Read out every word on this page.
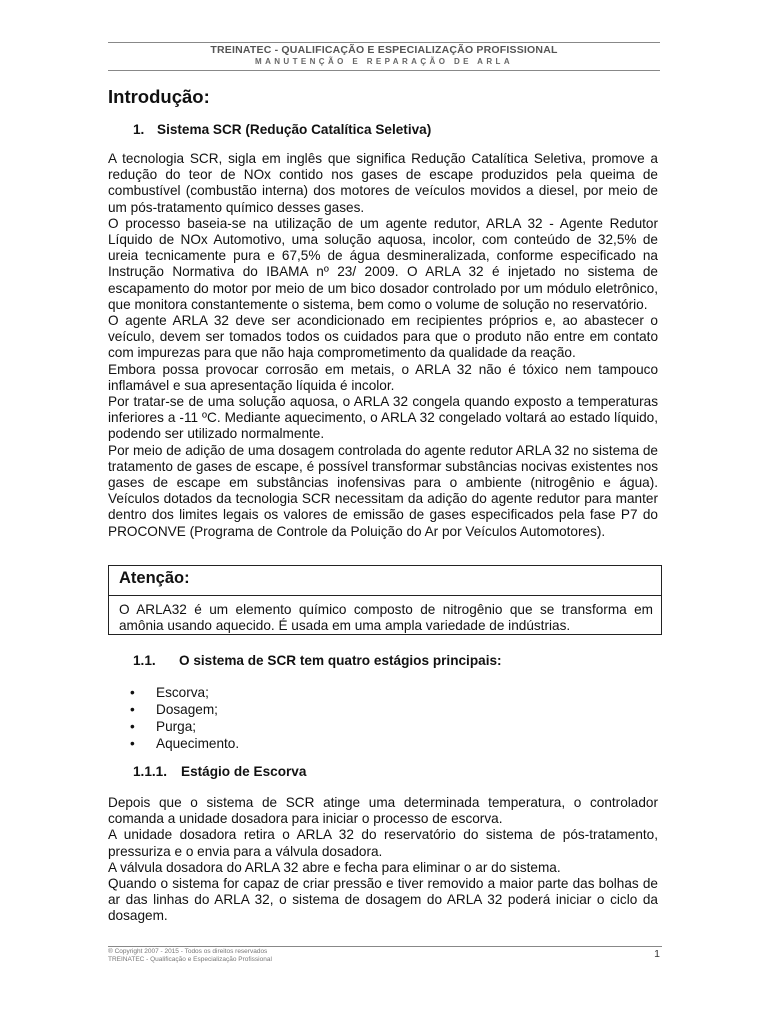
TREINATEC - QUALIFICAÇÃO E ESPECIALIZAÇÃO PROFISSIONAL
MANUTENÇÃO E REPARAÇÃO DE ARLA
Introdução:
1. Sistema SCR (Redução Catalítica Seletiva)

A tecnologia SCR, sigla em inglês que significa Redução Catalítica Seletiva, promove a redução do teor de NOx contido nos gases de escape produzidos pela queima de combustível (combustão interna) dos motores de veículos movidos a diesel, por meio de um pós-tratamento químico desses gases.

O processo baseia-se na utilização de um agente redutor, ARLA 32 - Agente Redutor Líquido de NOx Automotivo, uma solução aquosa, incolor, com conteúdo de 32,5% de ureia tecnicamente pura e 67,5% de água desmineralizada, conforme especificado na Instrução Normativa do IBAMA nº 23/ 2009. O ARLA 32 é injetado no sistema de escapamento do motor por meio de um bico dosador controlado por um módulo eletrônico, que monitora constantemente o sistema, bem como o volume de solução no reservatório.

O agente ARLA 32 deve ser acondicionado em recipientes próprios e, ao abastecer o veículo, devem ser tomados todos os cuidados para que o produto não entre em contato com impurezas para que não haja comprometimento da qualidade da reação.

Embora possa provocar corrosão em metais, o ARLA 32 não é tóxico nem tampouco inflamável e sua apresentação líquida é incolor.

Por tratar-se de uma solução aquosa, o ARLA 32 congela quando exposto a temperaturas inferiores a -11 ºC. Mediante aquecimento, o ARLA 32 congelado voltará ao estado líquido, podendo ser utilizado normalmente.

Por meio de adição de uma dosagem controlada do agente redutor ARLA 32 no sistema de tratamento de gases de escape, é possível transformar substâncias nocivas existentes nos gases de escape em substâncias inofensivas para o ambiente (nitrogênio e água). Veículos dotados da tecnologia SCR necessitam da adição do agente redutor para manter dentro dos limites legais os valores de emissão de gases especificados pela fase P7 do PROCONVE (Programa de Controle da Poluição do Ar por Veículos Automotores).

Atenção:

O ARLA32 é um elemento químico composto de nitrogênio que se transforma em amônia usando aquecido. É usada em uma ampla variedade de indústrias.

1.1. O sistema de SCR tem quatro estágios principais:
• Escorva;
• Dosagem;
• Purga;
• Aquecimento.
1.1.1. Estágio de Escorva

Depois que o sistema de SCR atinge uma determinada temperatura, o controlador comanda a unidade dosadora para iniciar o processo de escorva.

A unidade dosadora retira o ARLA 32 do reservatório do sistema de pós-tratamento, pressuriza e o envia para a válvula dosadora.

A válvula dosadora do ARLA 32 abre e fecha para eliminar o ar do sistema.

Quando o sistema for capaz de criar pressão e tiver removido a maior parte das bolhas de ar das linhas do ARLA 32, o sistema de dosagem do ARLA 32 poderá iniciar o ciclo da dosagem.

® Copyright 2007 - 2015 - Todos os direitos reservados
TREINATEC - Qualificação e Especialização Profissional	1
